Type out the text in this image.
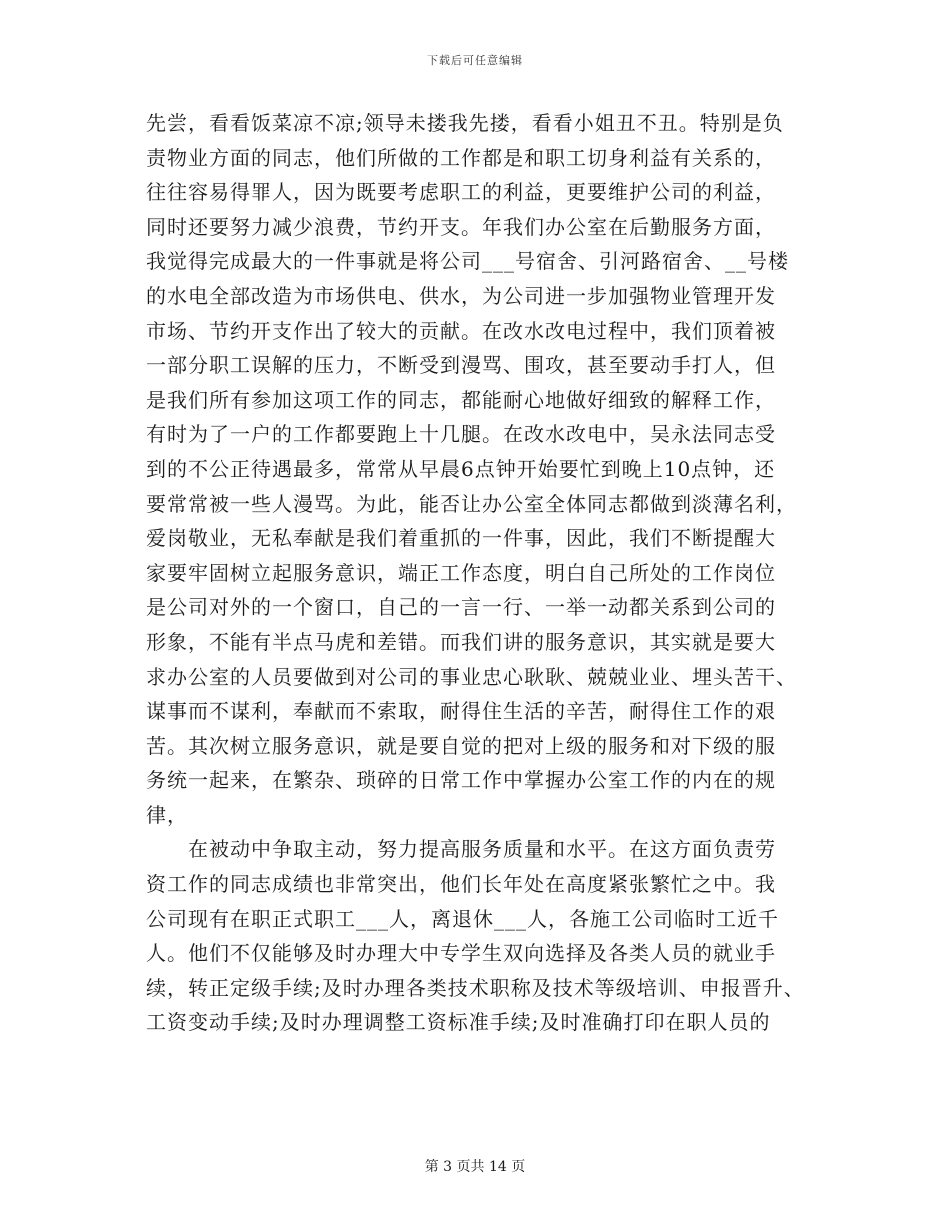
下载后可任意编辑
先尝，看看饭菜凉不凉;领导未搂我先搂，看看小姐丑不丑。特别是负
责物业方面的同志，他们所做的工作都是和职工切身利益有关系的，
往往容易得罪人，因为既要考虑职工的利益，更要维护公司的利益，
同时还要努力减少浪费，节约开支。年我们办公室在后勤服务方面，
我觉得完成最大的一件事就是将公司___号宿舍、引河路宿舍、__号楼
的水电全部改造为市场供电、供水，为公司进一步加强物业管理开发
市场、节约开支作出了较大的贡献。在改水改电过程中，我们顶着被
一部分职工误解的压力，不断受到漫骂、围攻，甚至要动手打人，但
是我们所有参加这项工作的同志，都能耐心地做好细致的解释工作，
有时为了一户的工作都要跑上十几腿。在改水改电中，吴永法同志受
到的不公正待遇最多，常常从早晨6点钟开始要忙到晚上10点钟，还
要常常被一些人漫骂。为此，能否让办公室全体同志都做到淡薄名利，
爱岗敬业，无私奉献是我们着重抓的一件事，因此，我们不断提醒大
家要牢固树立起服务意识，端正工作态度，明白自己所处的工作岗位
是公司对外的一个窗口，自己的一言一行、一举一动都关系到公司的
形象，不能有半点马虎和差错。而我们讲的服务意识，其实就是要大
求办公室的人员要做到对公司的事业忠心耿耿、兢兢业业、埋头苦干、
谋事而不谋利，奉献而不索取，耐得住生活的辛苦，耐得住工作的艰
苦。其次树立服务意识，就是要自觉的把对上级的服务和对下级的服
务统一起来，在繁杂、琐碎的日常工作中掌握办公室工作的内在的规
律，
在被动中争取主动，努力提高服务质量和水平。在这方面负责劳
资工作的同志成绩也非常突出，他们长年处在高度紧张繁忙之中。我
公司现有在职正式职工___人，离退休___人，各施工公司临时工近千
人。他们不仅能够及时办理大中专学生双向选择及各类人员的就业手
续，转正定级手续;及时办理各类技术职称及技术等级培训、申报晋升、
工资变动手续;及时办理调整工资标准手续;及时准确打印在职人员的
第 3 页共 14 页
